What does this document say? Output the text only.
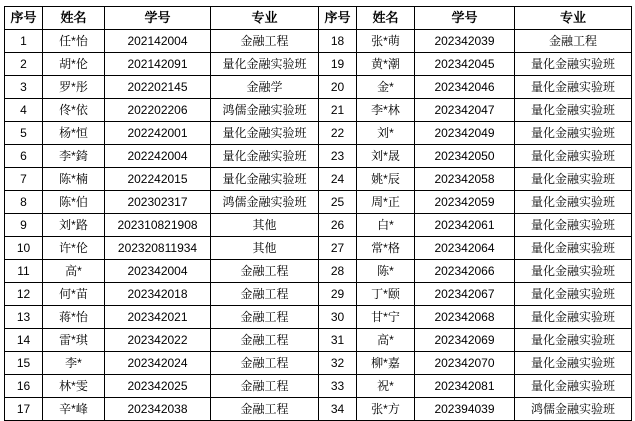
序号	姓名	学号	专业	序号	姓名	学号	专业
1	任*怡	202142004	金融工程	18	张*萌	202342039	金融工程
2	胡*伦	202142091	量化金融实验班	19	黄*潮	202342045	量化金融实验班
3	罗*彤	202202145	金融学	20	金*	202342046	量化金融实验班
4	佟*依	202202206	鸿儒金融实验班	21	李*林	202342047	量化金融实验班
5	杨*恒	202242001	量化金融实验班	22	刘*	202342049	量化金融实验班
6	李*錡	202242004	量化金融实验班	23	刘*晟	202342050	量化金融实验班
7	陈*楠	202242015	量化金融实验班	24	姚*辰	202342058	量化金融实验班
8	陈*伯	202302317	鸿儒金融实验班	25	周*正	202342059	量化金融实验班
9	刘*路	202310821908	其他	26	白*	202342061	量化金融实验班
10	许*伦	202320811934	其他	27	常*格	202342064	量化金融实验班
11	高*	202342004	金融工程	28	陈*	202342066	量化金融实验班
12	何*苗	202342018	金融工程	29	丁*颐	202342067	量化金融实验班
13	蒋*怡	202342021	金融工程	30	甘*宁	202342068	量化金融实验班
14	雷*琪	202342022	金融工程	31	高*	202342069	量化金融实验班
15	李*	202342024	金融工程	32	柳*嘉	202342070	量化金融实验班
16	林*雯	202342025	金融工程	33	祝*	202342081	量化金融实验班
17	辛*峰	202342038	金融工程	34	张*方	202394039	鸿儒金融实验班
